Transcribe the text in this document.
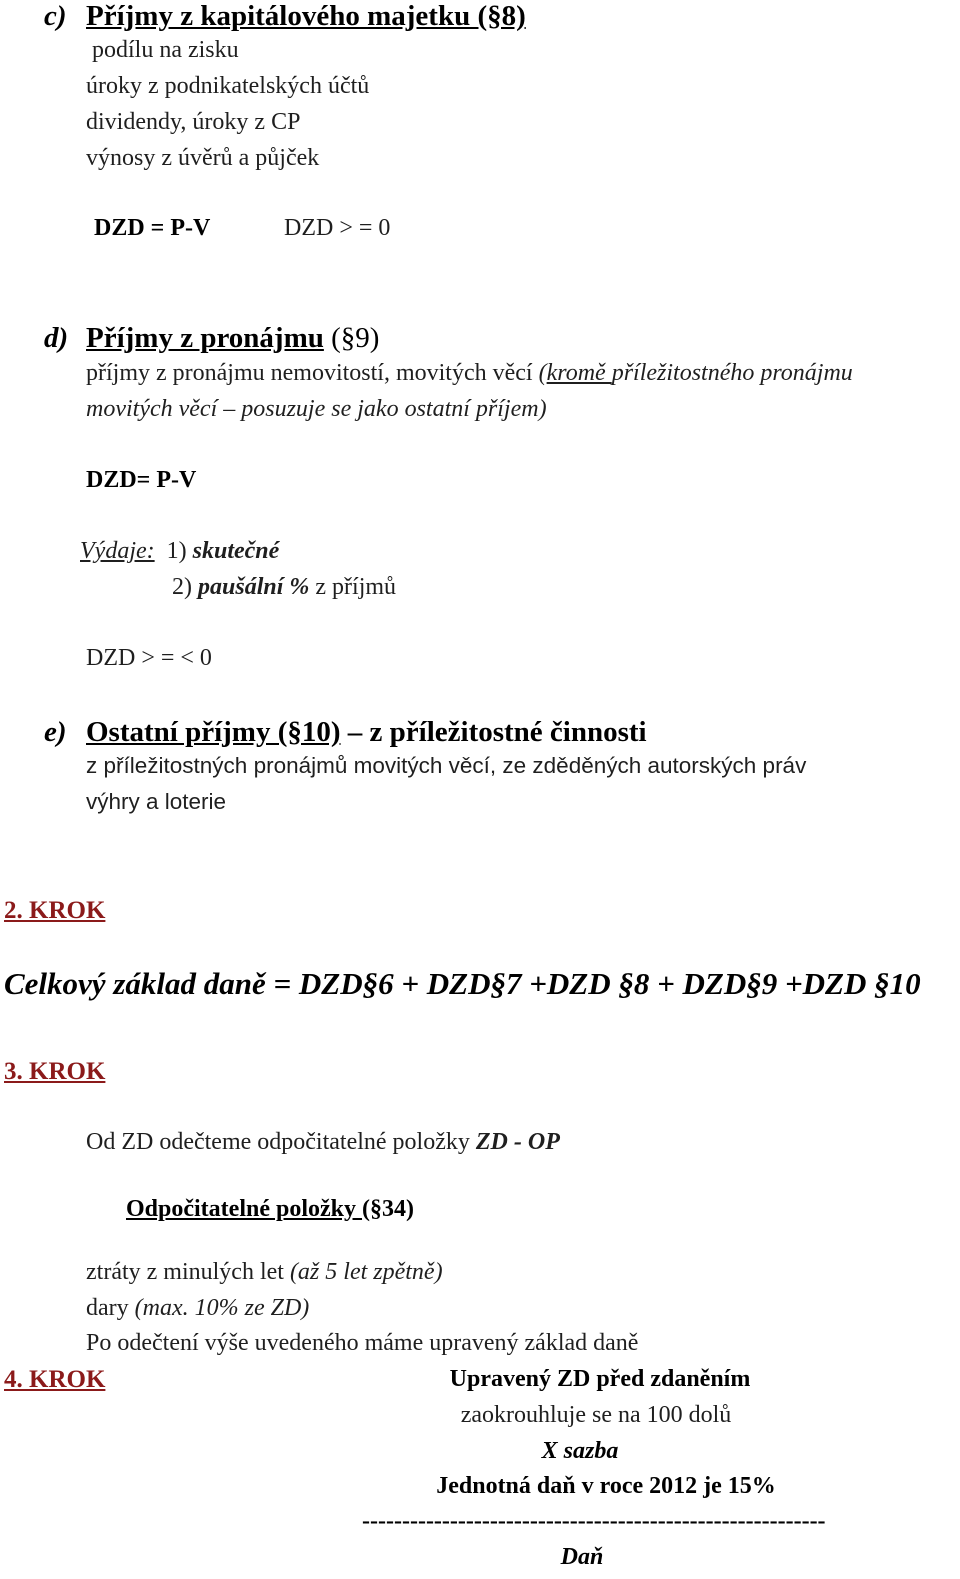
c) Příjmy z kapitálového majetku (§8)
podílu na zisku
úroky z podnikatelských účtů
dividendy, úroky z CP
výnosy z úvěrů a půjček
DZD = P-V	DZD > = 0
d) Příjmy z pronájmu (§9)
příjmy z pronájmu nemovitostí, movitých věcí (kromě příležitostného pronájmu
movitých věcí – posuzuje se jako ostatní příjem)
DZD= P-V
Výdaje: 1) skutečné
2) paušální % z příjmů
DZD > = < 0
e) Ostatní příjmy (§10) – z příležitostné činnosti
z příležitostných pronájmů movitých věcí, ze zděděných autorských práv
výhry a loterie
2. KROK
Celkový základ daně = DZD§6 + DZD§7 +DZD §8 + DZD§9 +DZD §10
3. KROK
Od ZD odečteme odpočitatelné položky ZD - OP
Odpočitatelné položky (§34)
ztráty z minulých let (až 5 let zpětně)
dary (max. 10% ze ZD)
Po odečtení výše uvedeného máme upravený základ daně
4. KROK	Upravený ZD před zdaněním
zaokrouhluje se na 100 dolů
X sazba
Jednotná daň v roce 2012 je 15%
----------------------------------------------------------
Daň
